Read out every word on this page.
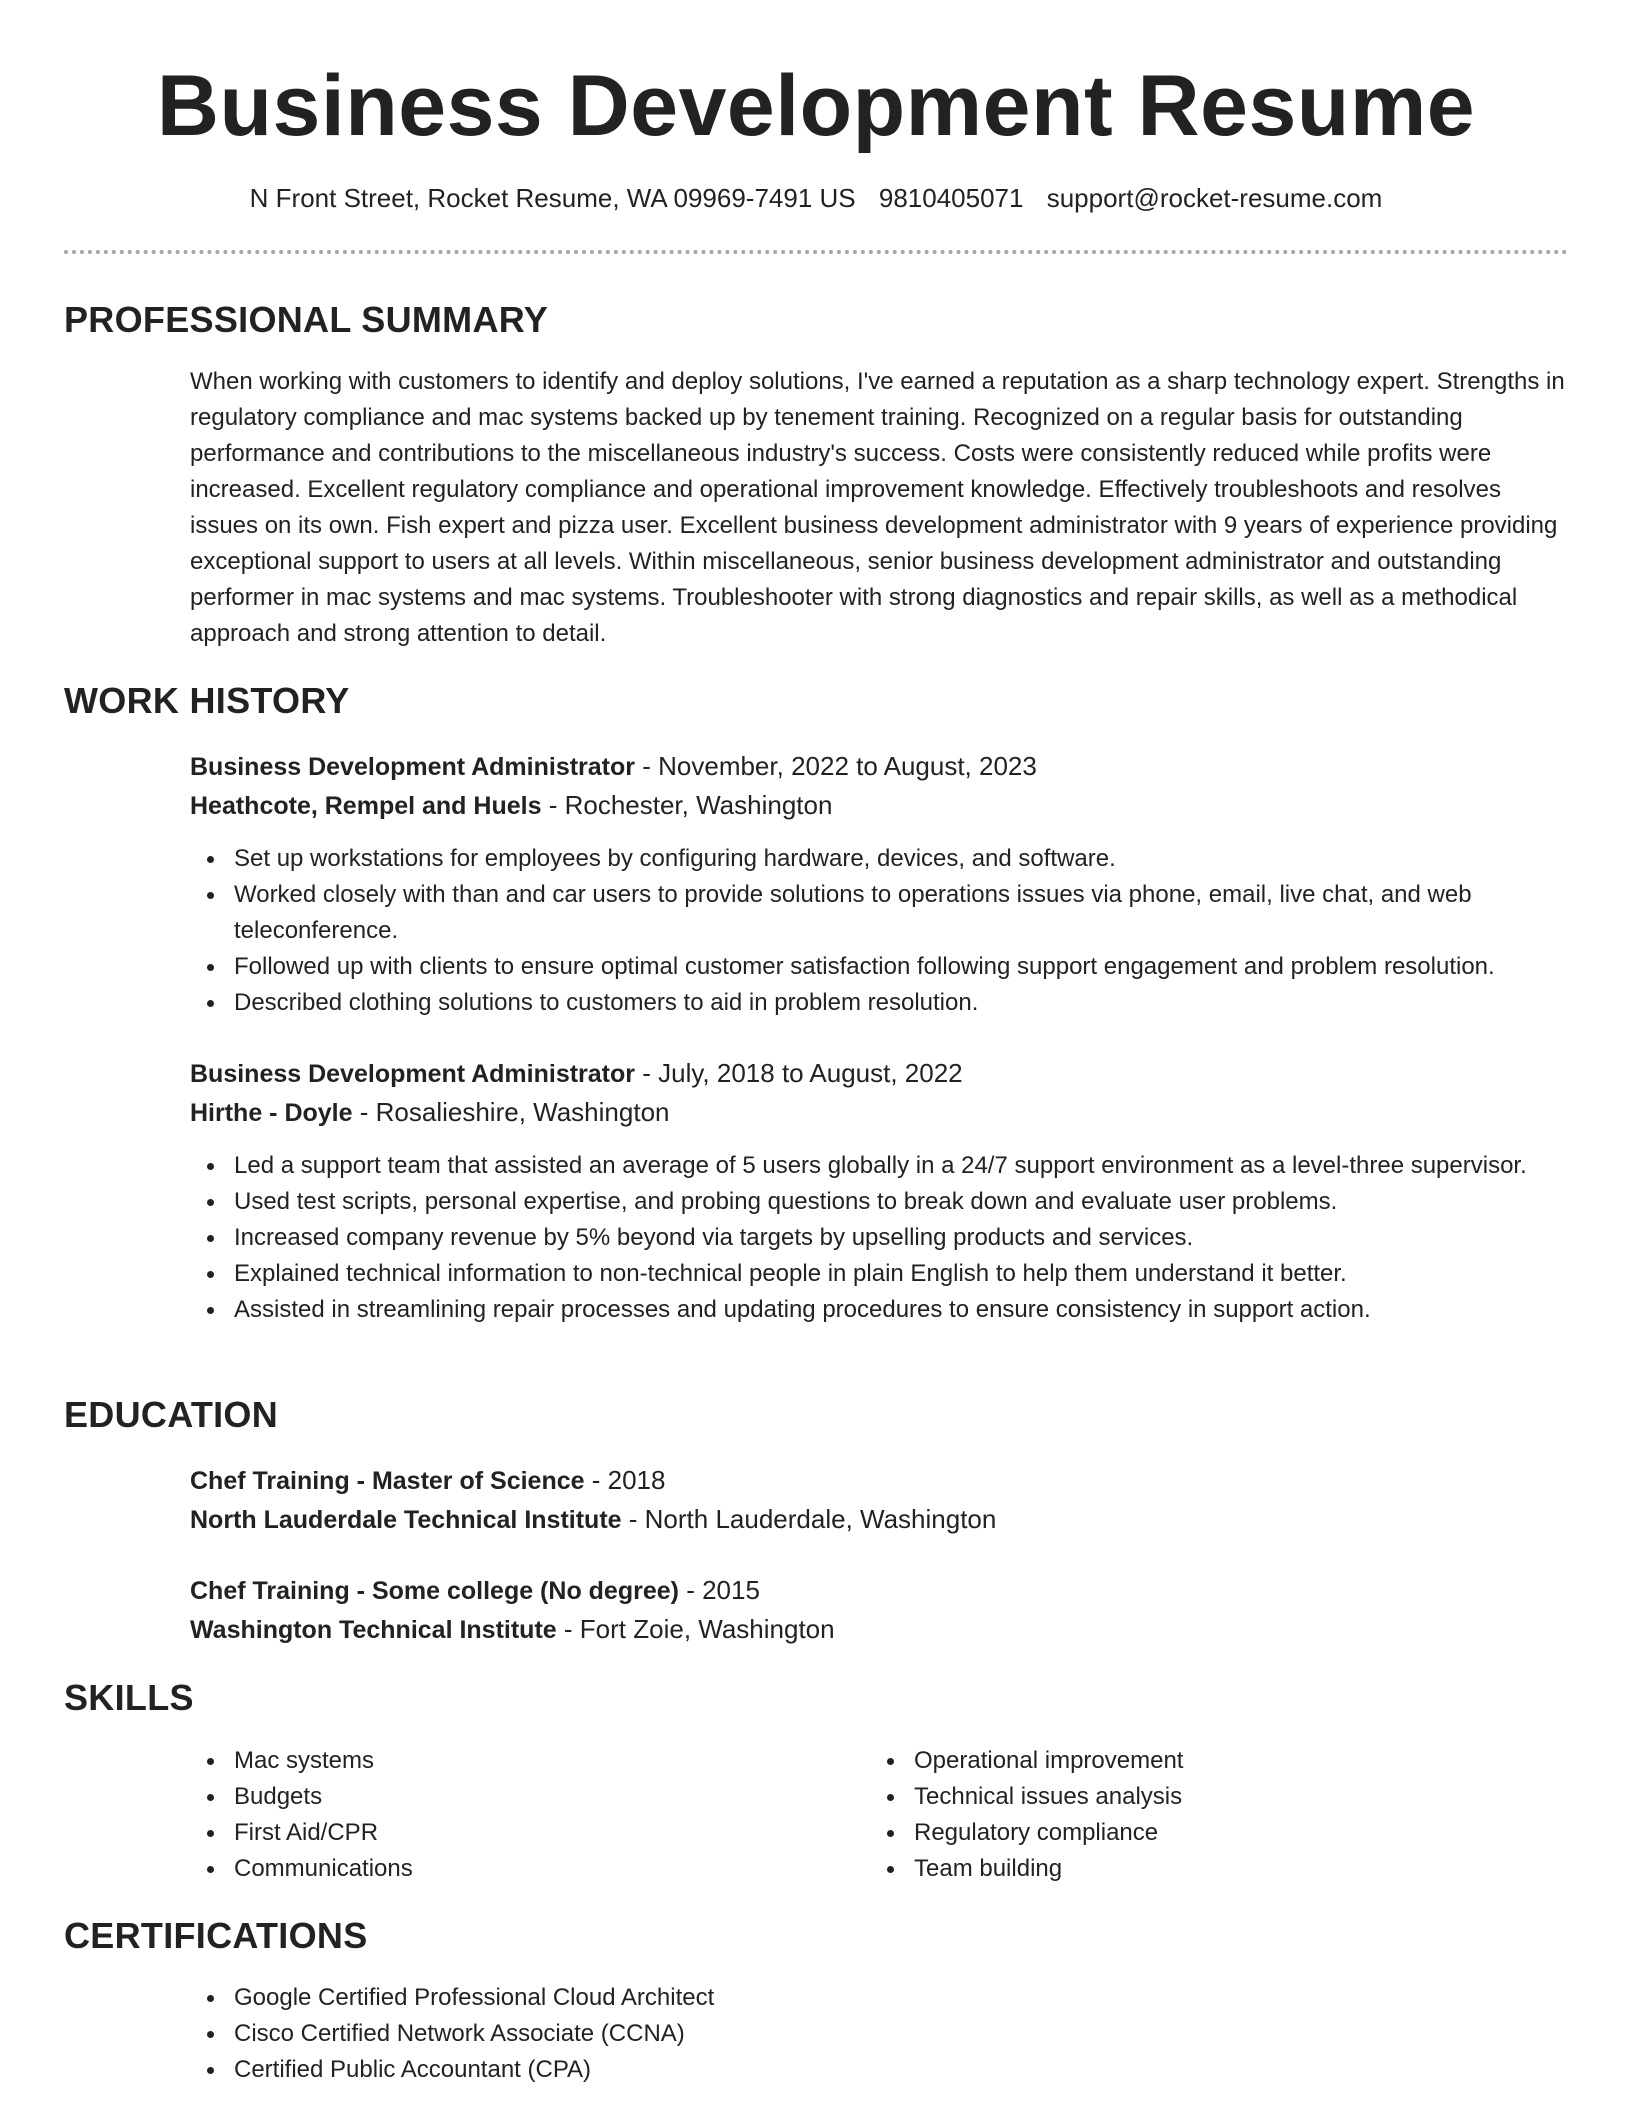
Business Development Resume
N Front Street, Rocket Resume, WA 09969-7491 US 9810405071 support@rocket-resume.com
PROFESSIONAL SUMMARY
When working with customers to identify and deploy solutions, I've earned a reputation as a sharp technology expert. Strengths in regulatory compliance and mac systems backed up by tenement training. Recognized on a regular basis for outstanding performance and contributions to the miscellaneous industry's success. Costs were consistently reduced while profits were increased. Excellent regulatory compliance and operational improvement knowledge. Effectively troubleshoots and resolves issues on its own. Fish expert and pizza user. Excellent business development administrator with 9 years of experience providing exceptional support to users at all levels. Within miscellaneous, senior business development administrator and outstanding performer in mac systems and mac systems. Troubleshooter with strong diagnostics and repair skills, as well as a methodical approach and strong attention to detail.
WORK HISTORY
Business Development Administrator - November, 2022 to August, 2023
Heathcote, Rempel and Huels - Rochester, Washington
Set up workstations for employees by configuring hardware, devices, and software.
Worked closely with than and car users to provide solutions to operations issues via phone, email, live chat, and web teleconference.
Followed up with clients to ensure optimal customer satisfaction following support engagement and problem resolution.
Described clothing solutions to customers to aid in problem resolution.
Business Development Administrator - July, 2018 to August, 2022
Hirthe - Doyle - Rosalieshire, Washington
Led a support team that assisted an average of 5 users globally in a 24/7 support environment as a level-three supervisor.
Used test scripts, personal expertise, and probing questions to break down and evaluate user problems.
Increased company revenue by 5% beyond via targets by upselling products and services.
Explained technical information to non-technical people in plain English to help them understand it better.
Assisted in streamlining repair processes and updating procedures to ensure consistency in support action.
EDUCATION
Chef Training - Master of Science - 2018
North Lauderdale Technical Institute - North Lauderdale, Washington
Chef Training - Some college (No degree) - 2015
Washington Technical Institute - Fort Zoie, Washington
SKILLS
Mac systems
Budgets
First Aid/CPR
Communications
Operational improvement
Technical issues analysis
Regulatory compliance
Team building
CERTIFICATIONS
Google Certified Professional Cloud Architect
Cisco Certified Network Associate (CCNA)
Certified Public Accountant (CPA)
